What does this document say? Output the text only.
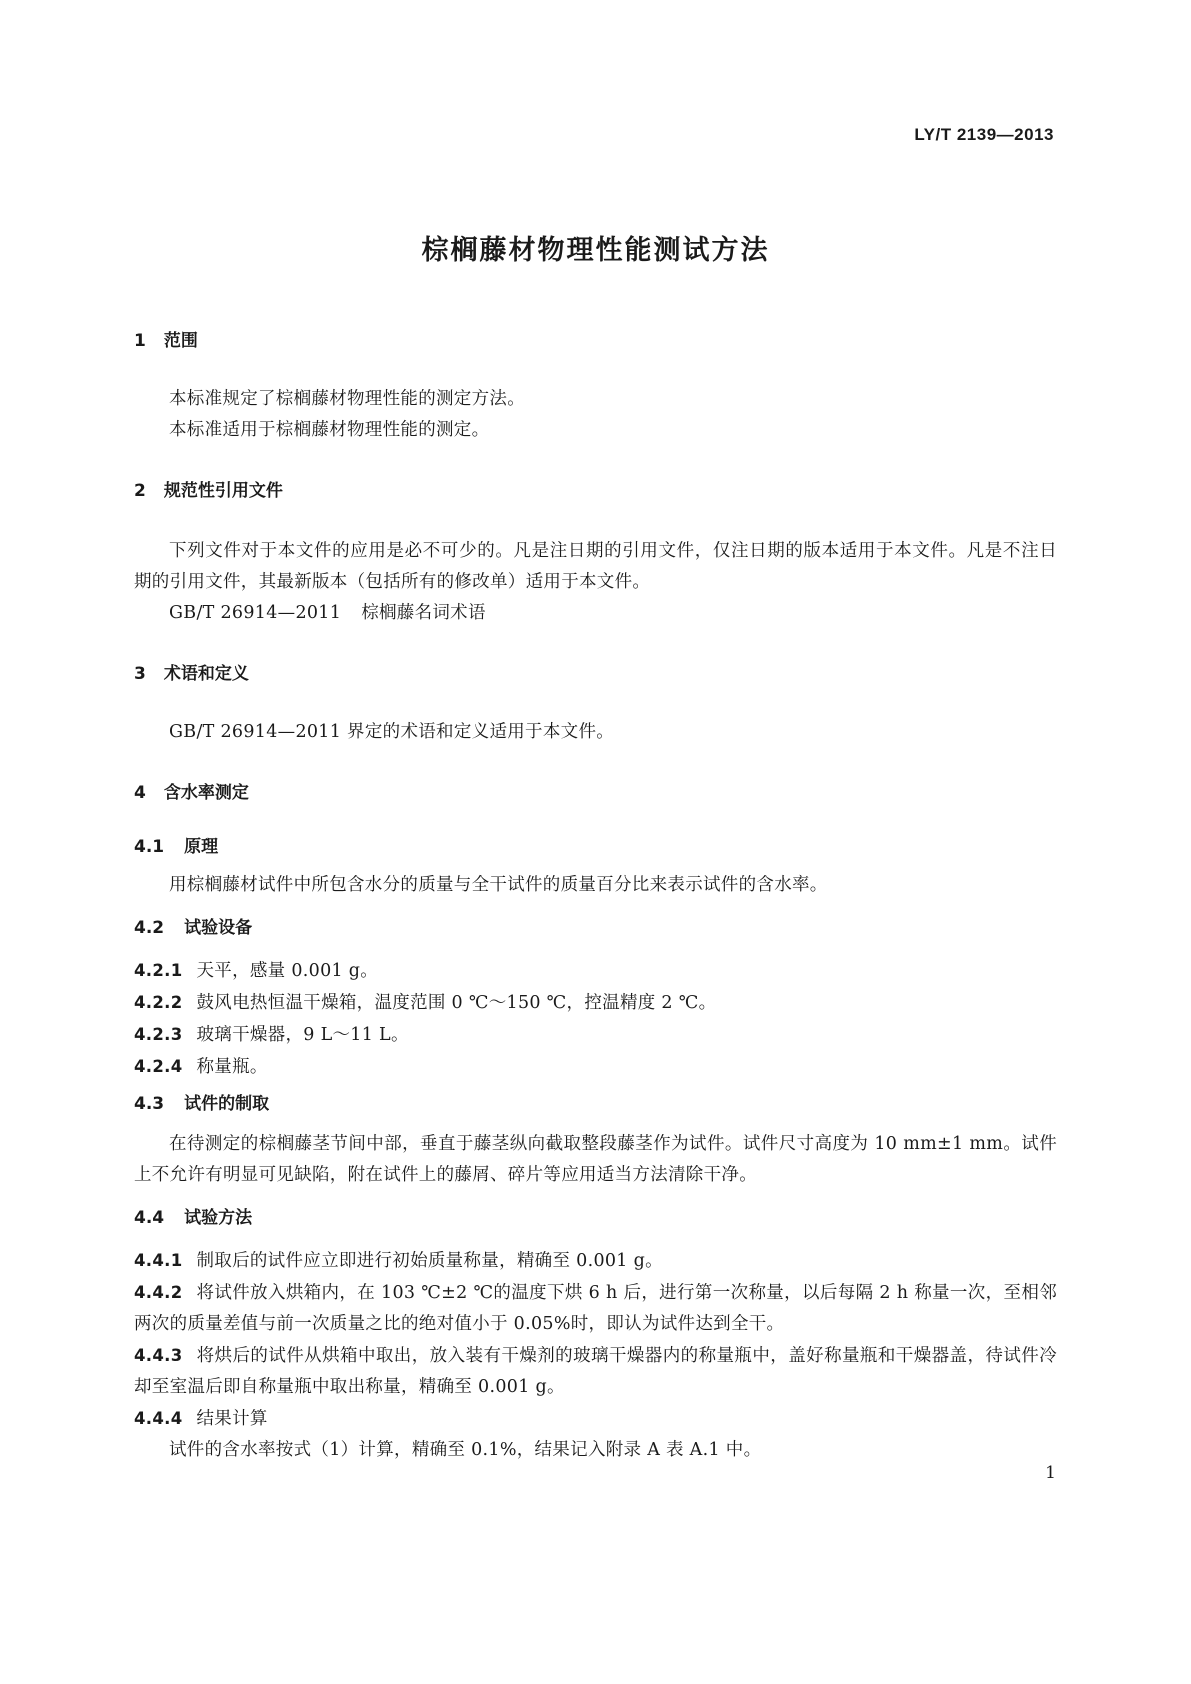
LY/T 2139—2013
棕榈藤材物理性能测试方法
1 范围
本标准规定了棕榈藤材物理性能的测定方法。
本标准适用于棕榈藤材物理性能的测定。
2 规范性引用文件
下列文件对于本文件的应用是必不可少的。凡是注日期的引用文件，仅注日期的版本适用于本文件。凡是不注日期的引用文件，其最新版本（包括所有的修改单）适用于本文件。
GB/T 26914—2011 棕榈藤名词术语
3 术语和定义
GB/T 26914—2011 界定的术语和定义适用于本文件。
4 含水率测定
4.1 原理
用棕榈藤材试件中所包含水分的质量与全干试件的质量百分比来表示试件的含水率。
4.2 试验设备
4.2.1 天平，感量 0.001 g。
4.2.2 鼓风电热恒温干燥箱，温度范围 0 ℃～150 ℃，控温精度 2 ℃。
4.2.3 玻璃干燥器，9 L～11 L。
4.2.4 称量瓶。
4.3 试件的制取
在待测定的棕榈藤茎节间中部，垂直于藤茎纵向截取整段藤茎作为试件。试件尺寸高度为 10 mm±1 mm。试件上不允许有明显可见缺陷，附在试件上的藤屑、碎片等应用适当方法清除干净。
4.4 试验方法
4.4.1 制取后的试件应立即进行初始质量称量，精确至 0.001 g。
4.4.2 将试件放入烘箱内，在 103 ℃±2 ℃的温度下烘 6 h 后，进行第一次称量，以后每隔 2 h 称量一次，至相邻两次的质量差值与前一次质量之比的绝对值小于 0.05%时，即认为试件达到全干。
4.4.3 将烘后的试件从烘箱中取出，放入装有干燥剂的玻璃干燥器内的称量瓶中，盖好称量瓶和干燥器盖，待试件冷却至室温后即自称量瓶中取出称量，精确至 0.001 g。
4.4.4 结果计算
试件的含水率按式（1）计算，精确至 0.1%，结果记入附录 A 表 A.1 中。
1
